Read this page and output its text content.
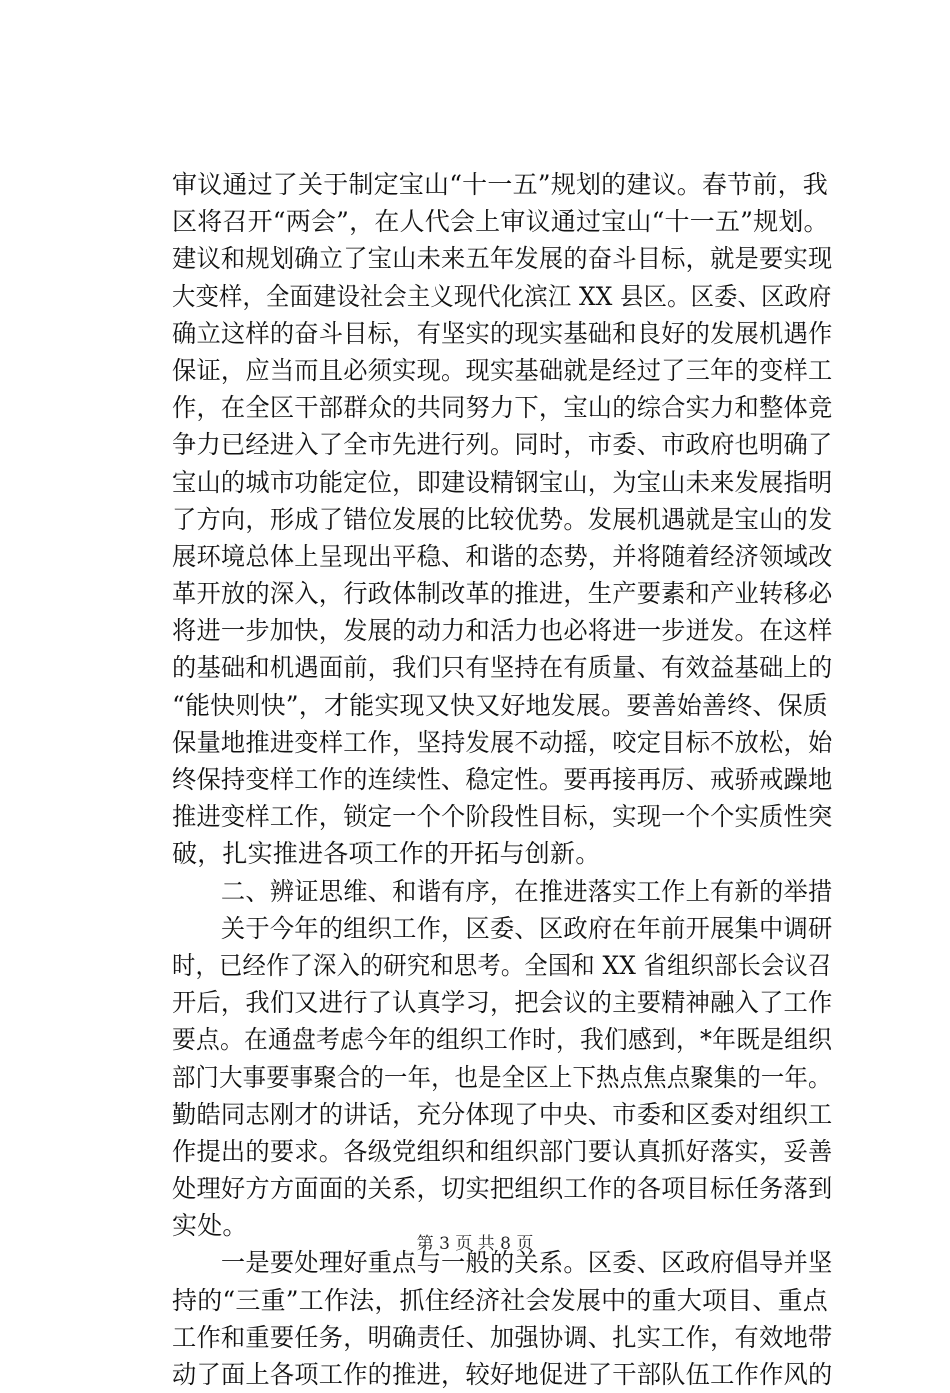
审议通过了关于制定宝山“十一五”规划的建议。春节前，我
区将召开“两会”，在人代会上审议通过宝山“十一五”规划。
建议和规划确立了宝山未来五年发展的奋斗目标，就是要实现
大变样，全面建设社会主义现代化滨江 XX 县区。区委、区政府
确立这样的奋斗目标，有坚实的现实基础和良好的发展机遇作
保证，应当而且必须实现。现实基础就是经过了三年的变样工
作，在全区干部群众的共同努力下，宝山的综合实力和整体竞
争力已经进入了全市先进行列。同时，市委、市政府也明确了
宝山的城市功能定位，即建设精钢宝山，为宝山未来发展指明
了方向，形成了错位发展的比较优势。发展机遇就是宝山的发
展环境总体上呈现出平稳、和谐的态势，并将随着经济领域改
革开放的深入，行政体制改革的推进，生产要素和产业转移必
将进一步加快，发展的动力和活力也必将进一步迸发。在这样
的基础和机遇面前，我们只有坚持在有质量、有效益基础上的
“能快则快”，才能实现又快又好地发展。要善始善终、保质
保量地推进变样工作，坚持发展不动摇，咬定目标不放松，始
终保持变样工作的连续性、稳定性。要再接再厉、戒骄戒躁地
推进变样工作，锁定一个个阶段性目标，实现一个个实质性突
破，扎实推进各项工作的开拓与创新。
　　二、辨证思维、和谐有序，在推进落实工作上有新的举措
　　关于今年的组织工作，区委、区政府在年前开展集中调研
时，已经作了深入的研究和思考。全国和 XX 省组织部长会议召
开后，我们又进行了认真学习，把会议的主要精神融入了工作
要点。在通盘考虑今年的组织工作时，我们感到，*年既是组织
部门大事要事聚合的一年，也是全区上下热点焦点聚集的一年。
勤皓同志刚才的讲话，充分体现了中央、市委和区委对组织工
作提出的要求。各级党组织和组织部门要认真抓好落实，妥善
处理好方方面面的关系，切实把组织工作的各项目标任务落到
实处。
　　一是要处理好重点与一般的关系。区委、区政府倡导并坚
持的“三重”工作法，抓住经济社会发展中的重大项目、重点
工作和重要任务，明确责任、加强协调、扎实工作，有效地带
动了面上各项工作的推进，较好地促进了干部队伍工作作风的
第 3 页 共 8 页
